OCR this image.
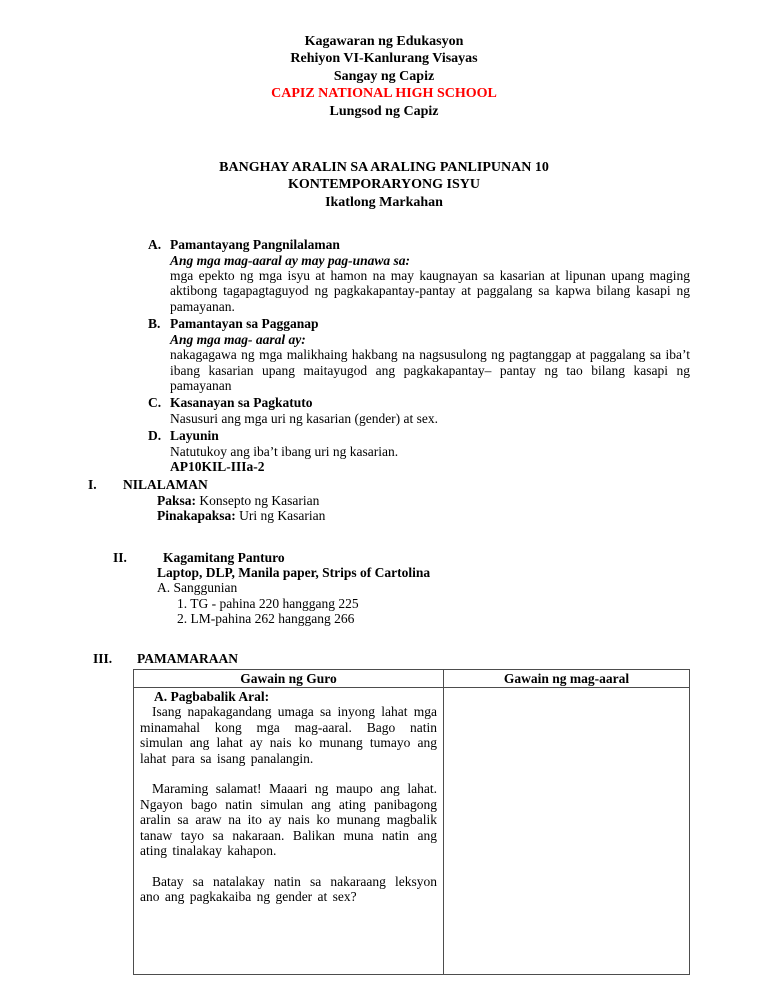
Kagawaran ng Edukasyon
Rehiyon VI-Kanlurang Visayas
Sangay ng Capiz
CAPIZ NATIONAL HIGH SCHOOL
Lungsod ng Capiz
BANGHAY ARALIN SA ARALING PANLIPUNAN 10
KONTEMPORARYONG ISYU
Ikatlong Markahan
A. Pamantayang Pangnilalaman
Ang mga mag-aaral ay may pag-unawa sa:
mga epekto ng mga isyu at hamon na may kaugnayan sa kasarian at lipunan upang maging aktibong tagapagtaguyod ng pagkakapantay-pantay at paggalang sa kapwa bilang kasapi ng pamayanan.
B. Pamantayan sa Pagganap
Ang mga mag- aaral ay:
nakagagawa ng mga malikhaing hakbang na nagsusulong ng pagtanggap at paggalang sa iba’t ibang kasarian upang maitayugod ang pagkakapantay– pantay ng tao bilang kasapi ng pamayanan
C. Kasanayan sa Pagkatuto
Nasusuri ang mga uri ng kasarian (gender) at sex.
D. Layunin
Natutukoy ang iba’t ibang uri ng kasarian.
AP10KIL-IIIa-2
I.	NILALAMAN
Paksa: Konsepto ng Kasarian
Pinakapaksa: Uri ng Kasarian
II.	Kagamitang Panturo
Laptop, DLP, Manila paper, Strips of Cartolina
A. Sanggunian
1. TG - pahina 220 hanggang 225
2. LM-pahina 262 hanggang 266
III.	PAMAMARAAN
Gawain ng Guro	Gawain ng mag-aaral

A. Pagbabalik Aral:

Isang napakagandang umaga sa inyong lahat mga minamahal kong mga mag-aaral. Bago natin simulan ang lahat ay nais ko munang tumayo ang lahat para sa isang panalangin.

Maraming salamat! Maaari ng maupo ang lahat. Ngayon bago natin simulan ang ating panibagong aralin sa araw na ito ay nais ko munang magbalik tanaw tayo sa nakaraan. Balikan muna natin ang ating tinalakay kahapon.

Batay sa natalakay natin sa nakaraang leksyon ano ang pagkakaiba ng gender at sex?	
